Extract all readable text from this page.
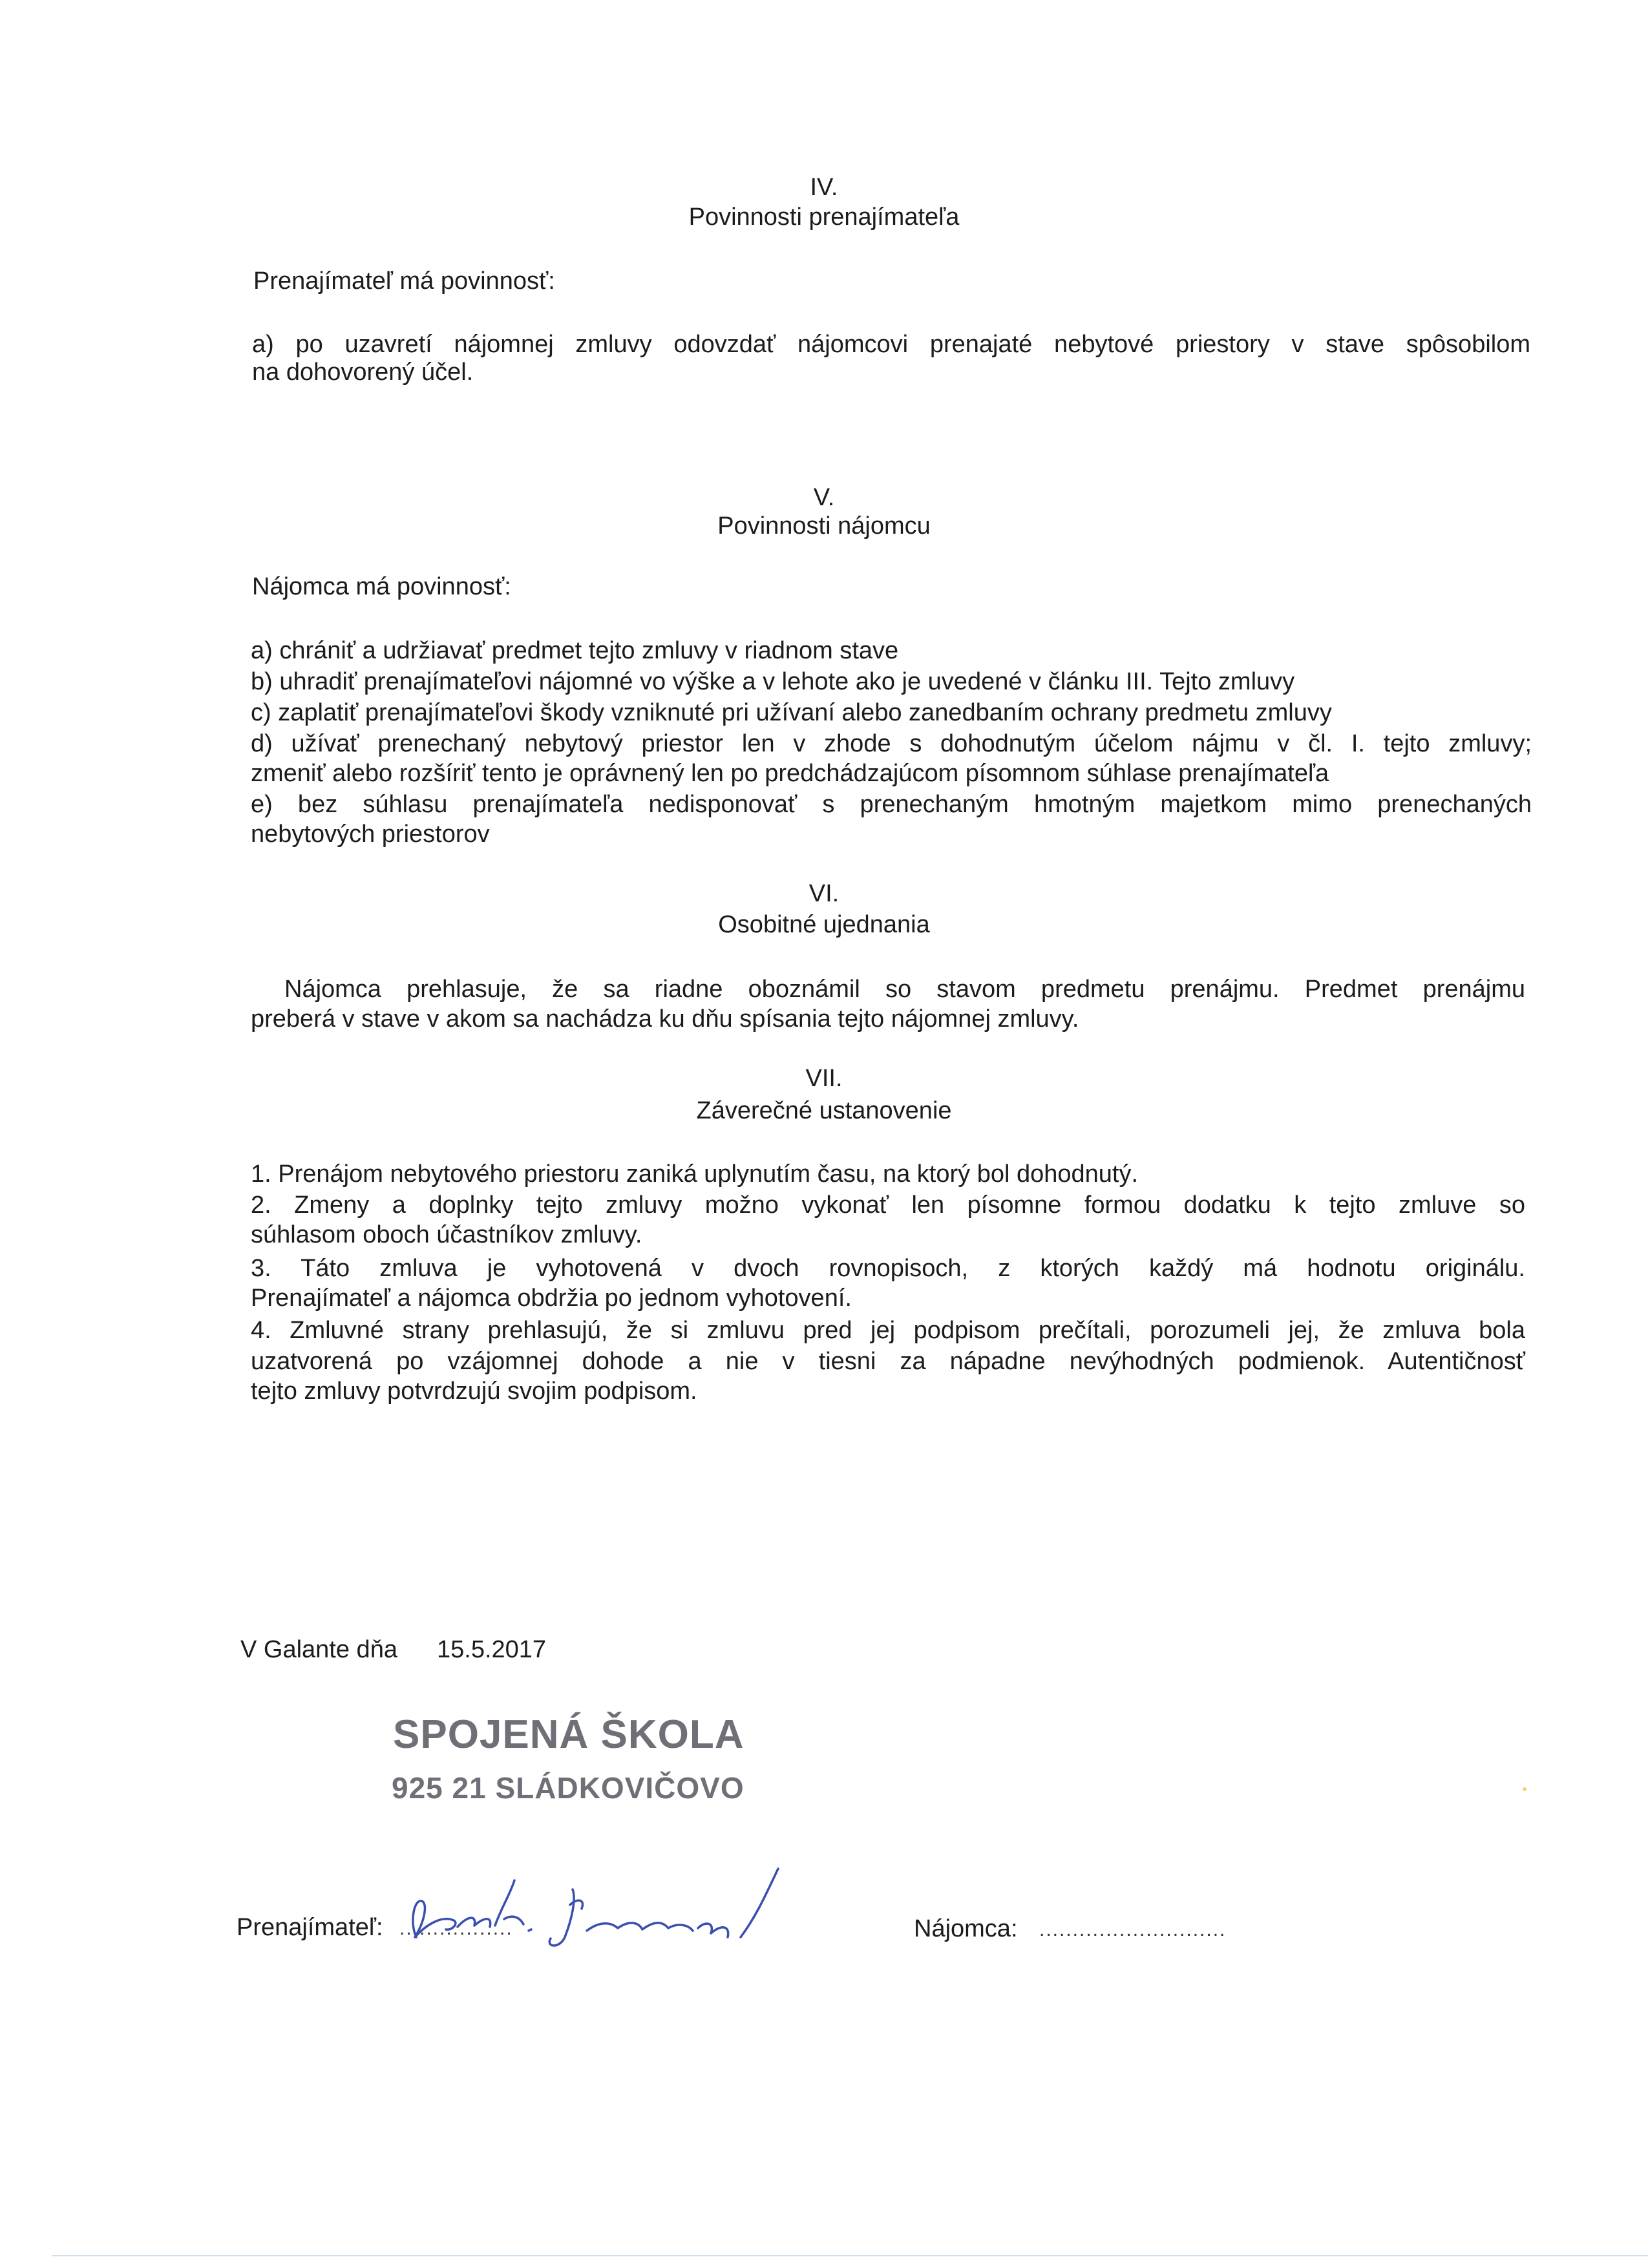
IV.
Povinnosti prenajímateľa
Prenajímateľ má povinnosť:
a) po uzavretí nájomnej zmluvy odovzdať nájomcovi prenajaté nebytové priestory v stave spôsobilom
na dohovorený účel.
V.
Povinnosti nájomcu
Nájomca má povinnosť:
a) chrániť a udržiavať predmet tejto zmluvy v riadnom stave
b) uhradiť prenajímateľovi nájomné vo výške a v lehote ako je uvedené v článku III. Tejto zmluvy
c) zaplatiť prenajímateľovi škody vzniknuté pri užívaní alebo zanedbaním ochrany predmetu zmluvy
d) užívať prenechaný nebytový priestor len v zhode s dohodnutým účelom nájmu v čl. I. tejto zmluvy;
zmeniť alebo rozšíriť tento je oprávnený len po predchádzajúcom písomnom súhlase prenajímateľa
e) bez súhlasu prenajímateľa nedisponovať s prenechaným hmotným majetkom mimo prenechaných
nebytových priestorov
VI.
Osobitné ujednania
Nájomca prehlasuje, že sa riadne oboznámil so stavom predmetu prenájmu. Predmet prenájmu
preberá v stave v akom sa nachádza ku dňu spísania tejto nájomnej zmluvy.
VII.
Záverečné ustanovenie
1. Prenájom nebytového priestoru zaniká uplynutím času, na ktorý bol dohodnutý.
2. Zmeny a doplnky tejto zmluvy možno vykonať len písomne formou dodatku k tejto zmluve so
súhlasom oboch účastníkov zmluvy.
3. Táto zmluva je vyhotovená v dvoch rovnopisoch, z ktorých každý má hodnotu originálu.
Prenajímateľ a nájomca obdržia po jednom vyhotovení.
4. Zmluvné strany prehlasujú, že si zmluvu pred jej podpisom prečítali, porozumeli jej, že zmluva bola
uzatvorená po vzájomnej dohode a nie v tiesni za nápadne nevýhodných podmienok. Autentičnosť
tejto zmluvy potvrdzujú svojim podpisom.
V Galante dňa 15.5.2017
SPOJENÁ ŠKOLA
925 21 SLÁDKOVIČOVO
Prenajímateľ: .................	Nájomca: ............................
